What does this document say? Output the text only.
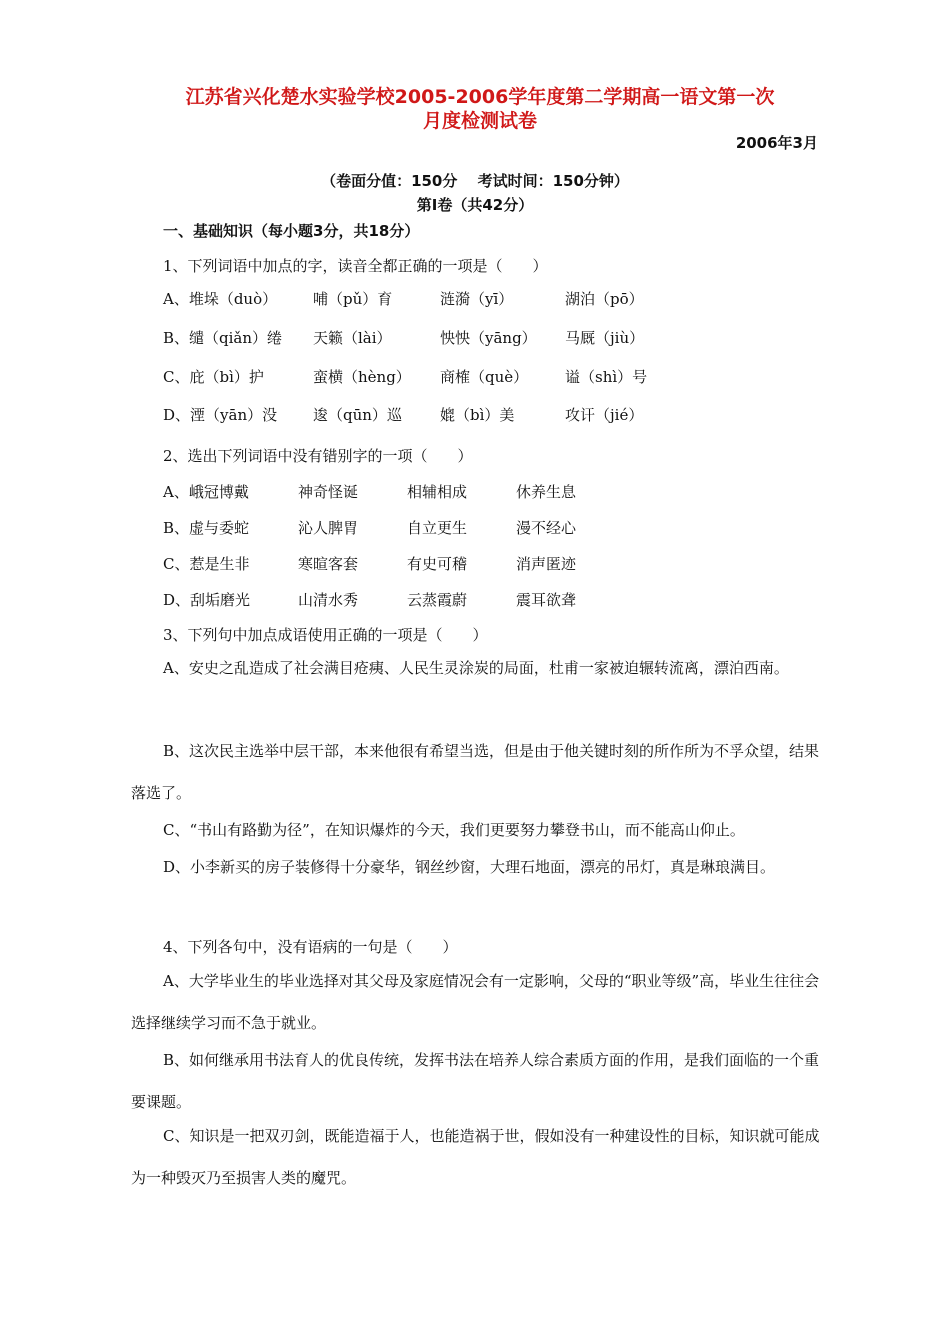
江苏省兴化楚水实验学校2005-2006学年度第二学期高一语文第一次
月度检测试卷
2006年3月
（卷面分值：150分　 考试时间：150分钟）
第Ⅰ卷（共42分）
一、基础知识（每小题3分，共18分）
1、下列词语中加点的字，读音全都正确的一项是（　　）
A、堆垛（duò） 哺（pǔ）育	涟漪（yī）	湖泊（pō）
B、缱（qiǎn）绻 天籁（lài）	怏怏（yāng） 马厩（jiù）
C、庇（bì）护	蛮横（hèng） 商榷（què） 谥（shì）号
D、湮（yān）没 逡（qūn）巡	媲（bì）美	攻讦（jié）
2、选出下列词语中没有错别字的一项（　　）
A、峨冠博戴	神奇怪诞	相辅相成	休养生息
B、虚与委蛇	沁人脾胃	自立更生	漫不经心
C、惹是生非	寒暄客套	有史可稽	消声匿迹
D、刮垢磨光	山清水秀	云蒸霞蔚	震耳欲聋
3、下列句中加点成语使用正确的一项是（　　）
A、安史之乱造成了社会满目疮痍、人民生灵涂炭的局面，杜甫一家被迫辗转流离，漂泊西南。
B、这次民主选举中层干部，本来他很有希望当选，但是由于他关键时刻的所作所为不孚众望，结果落选了。
C、“书山有路勤为径”，在知识爆炸的今天，我们更要努力攀登书山，而不能高山仰止。
D、小李新买的房子装修得十分豪华，钢丝纱窗，大理石地面，漂亮的吊灯，真是琳琅满目。
4、下列各句中，没有语病的一句是（　　）
A、大学毕业生的毕业选择对其父母及家庭情况会有一定影响，父母的“职业等级”高，毕业生往往会选择继续学习而不急于就业。
B、如何继承用书法育人的优良传统，发挥书法在培养人综合素质方面的作用，是我们面临的一个重要课题。
C、知识是一把双刃剑，既能造福于人，也能造祸于世，假如没有一种建设性的目标，知识就可能成为一种毁灭乃至损害人类的魔咒。
